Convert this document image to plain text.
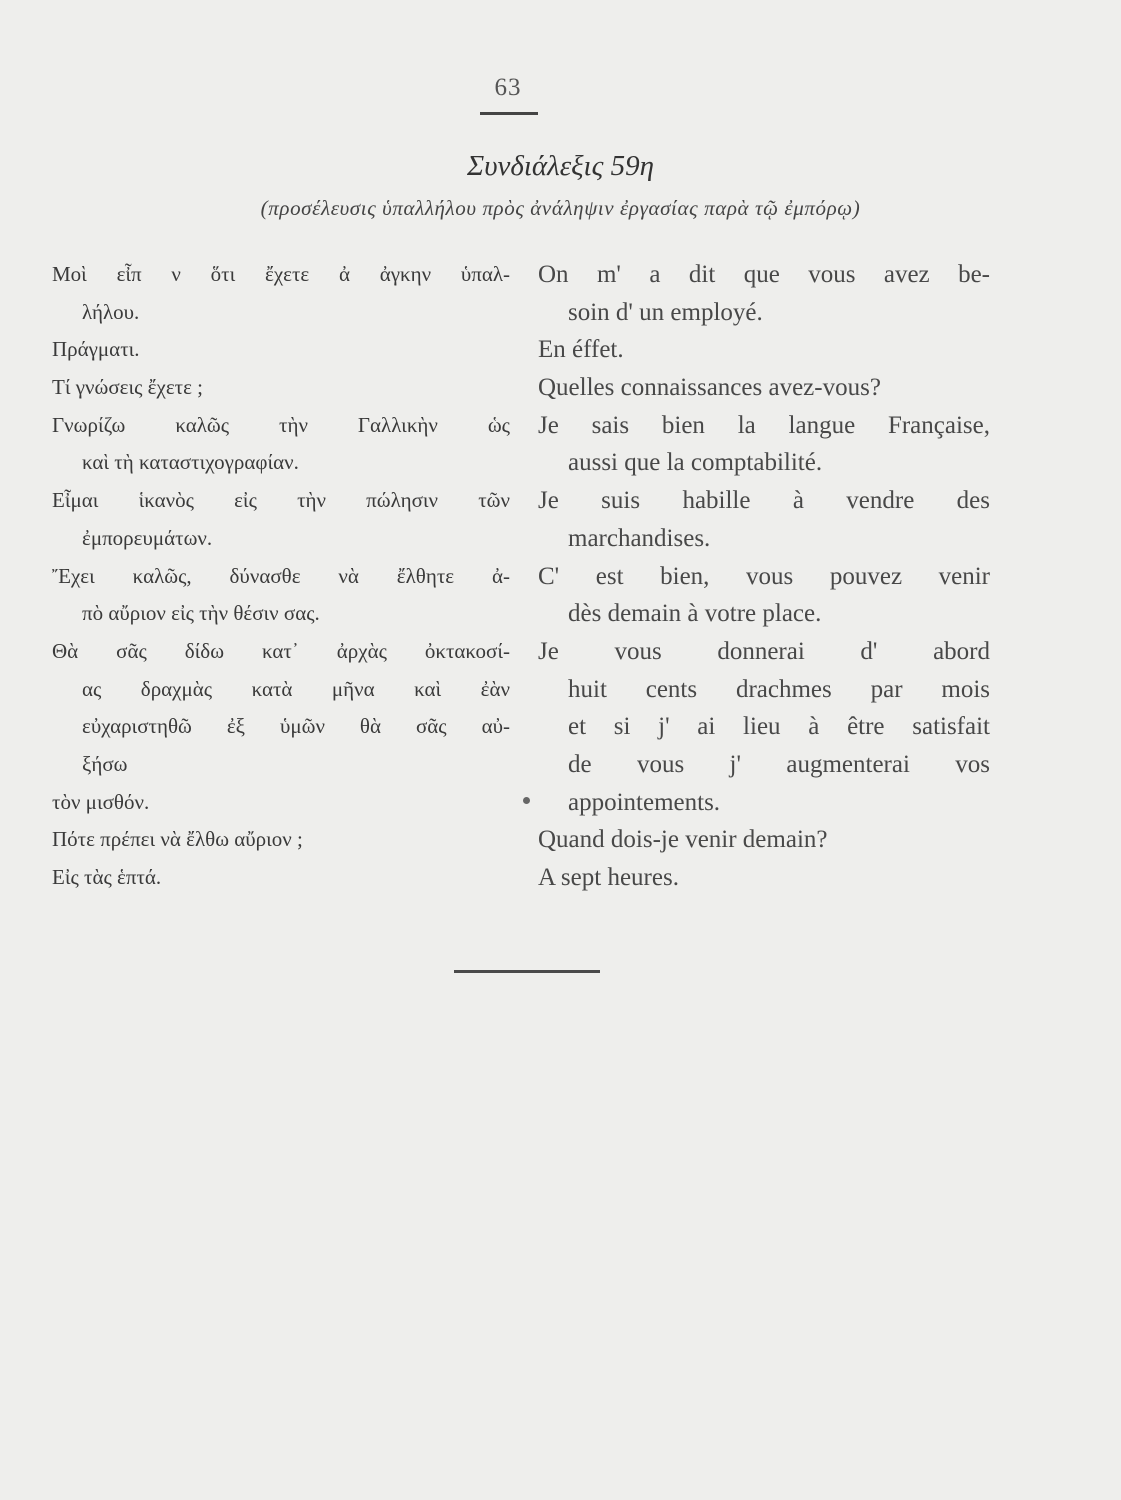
63
Συνδιάλεξις 59η
(προσέλευσις ὑπαλλήλου πρὸς ἀνάληψιν ἐργασίας παρὰ τῷ ἐμπόρῳ)
Μοὶ εἶπ ν ὅτι ἔχετε ἀ ἀγκην ὑπαλ-
λήλου.
Πράγματι.
Τί γνώσεις ἔχετε ;
Γνωρίζω καλῶς τὴν Γαλλικὴν ὡς
καὶ τὴ καταστιχογραφίαν.
Εἶμαι ἱκανὸς εἰς τὴν πώλησιν τῶν
ἐμπορευμάτων.
Ἔχει καλῶς, δύνασθε νὰ ἔλθητε ἀ-
πὸ αὔριον εἰς τὴν θέσιν σας.
Θὰ σᾶς δίδω κατ᾽ ἀρχὰς ὀκτακοσί-
ας δραχμὰς κατὰ μῆνα καὶ ἐὰν
εὐχαριστηθῶ ἐξ ὑμῶν θὰ σᾶς αὐ-
ξήσω
τὸν μισθόν.
Πότε πρέπει νὰ ἔλθω αὔριον ;
Εἰς τὰς ἑπτά.
On m' a dit que vous avez be-
soin d' un employé.
En éffet.
Quelles connaissances avez-vous?
Je sais bien la langue Française,
aussi que la comptabilité.
Je suis habille à vendre des
marchandises.
C' est bien, vous pouvez venir
dès demain à votre place.
Je vous donnerai d' abord
huit cents drachmes par mois
et si j' ai lieu à être satisfait
de vous j' augmenterai vos
appointements.
Quand dois-je venir demain?
A sept heures.
